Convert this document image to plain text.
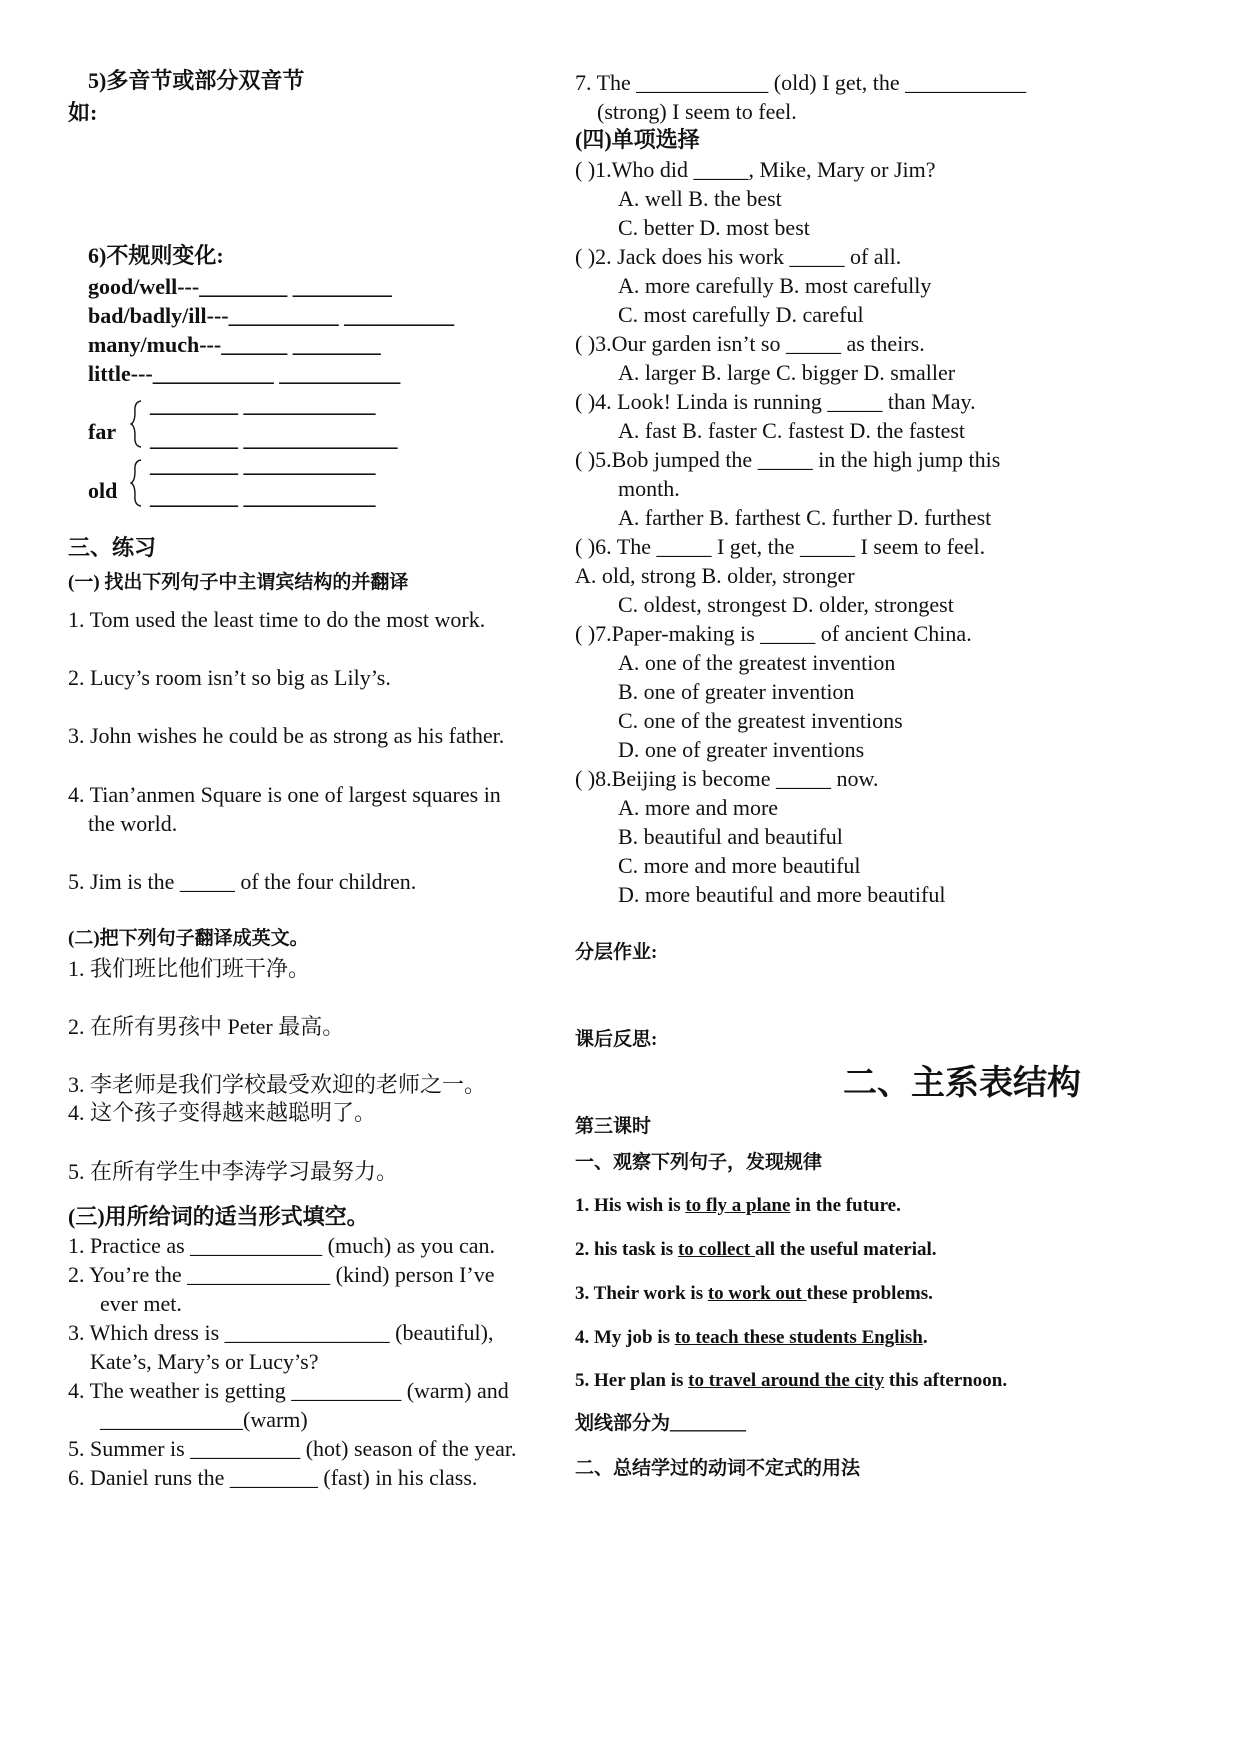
5)多音节或部分双音节
如:
6)不规则变化:
good/well---________ _________
bad/badly/ill---__________ __________
many/much---______ ________
little---___________ ___________
________ ____________
far ________ ______________
________ ____________
old ________ ____________
三、练习
(一) 找出下列句子中主谓宾结构的并翻译
1. Tom used the least time to do the most work.
2. Lucy’s room isn’t so big as Lily’s.
3. John wishes he could be as strong as his father.
4. Tian’anmen Square is one of largest squares in
the world.
5. Jim is the _____ of the four children.
(二)把下列句子翻译成英文。
1. 我们班比他们班干净。
2. 在所有男孩中 Peter 最高。
3. 李老师是我们学校最受欢迎的老师之一。
4. 这个孩子变得越来越聪明了。
5. 在所有学生中李涛学习最努力。
(三)用所给词的适当形式填空。
1. Practice as ____________ (much) as you can.
2. You’re the _____________ (kind) person I’ve
ever met.
3. Which dress is _______________ (beautiful),
Kate’s, Mary’s or Lucy’s?
4. The weather is getting __________ (warm) and
_____________(warm)
5. Summer is __________ (hot) season of the year.
6. Daniel runs the ________ (fast) in his class.
7. The ____________ (old) I get, the ___________
(strong) I seem to feel.
(四)单项选择
( )1.Who did _____, Mike, Mary or Jim?
A. well B. the best
C. better D. most best
( )2. Jack does his work _____ of all.
A. more carefully B. most carefully
C. most carefully D. careful
( )3.Our garden isn’t so _____ as theirs.
A. larger B. large C. bigger D. smaller
( )4. Look! Linda is running _____ than May.
A. fast B. faster C. fastest D. the fastest
( )5.Bob jumped the _____ in the high jump this
month.
A. farther B. farthest C. further D. furthest
( )6. The _____ I get, the _____ I seem to feel.
A. old, strong B. older, stronger
C. oldest, strongest D. older, strongest
( )7.Paper-making is _____ of ancient China.
A. one of the greatest invention
B. one of greater invention
C. one of the greatest inventions
D. one of greater inventions
( )8.Beijing is become _____ now.
A. more and more
B. beautiful and beautiful
C. more and more beautiful
D. more beautiful and more beautiful
分层作业:
课后反思:
二、主系表结构
第三课时
一、观察下列句子，发现规律
1. His wish is to fly a plane in the future.
2. his task is to collect all the useful material.
3. Their work is to work out these problems.
4. My job is to teach these students English.
5. Her plan is to travel around the city this afternoon.
划线部分为________
二、总结学过的动词不定式的用法
